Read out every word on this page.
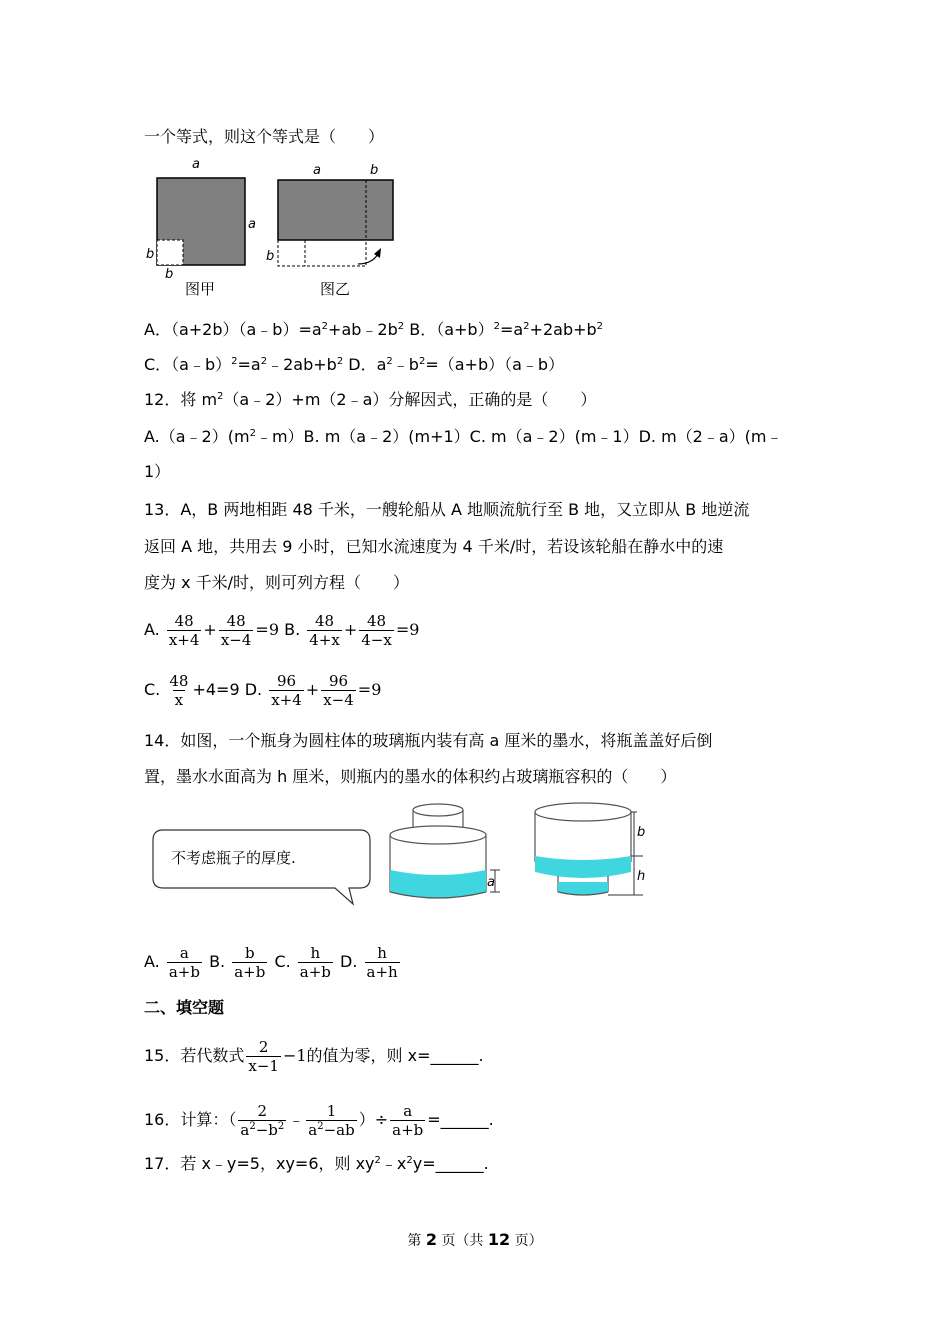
一个等式，则这个等式是（　　）
a
a
b
b
图甲
a	b
b
图乙
A．$(a+2b)(a﹣b)=a^2+ab﹣2b^2$ B．$(a+b)^2=a^2+2ab+b^2$
C．$(a﹣b)^2=a^2﹣2ab+b^2$ D．$a^2﹣b^2=(a+b)(a﹣b)$
12．将 $m^2(a﹣2)+m(2﹣a)$分解因式，正确的是（　　）
$A.(a﹣2)(m^2﹣m)B$. m（a﹣2）(m+1）C. m（a﹣2）(m﹣1）D. m（2﹣a）(m﹣
1）
13．A，B 两地相距 48 千米，一艘轮船从 A 地顺流航行至 B 地，又立即从 B 地逆流
返回 A 地，共用去 9 小时，已知水流速度为 4 千米/时，若设该轮船在静水中的速
度为 x 千米/时，则可列方程（　　）
A. $\frac{48}{x+4} + \frac{48}{x-4} =9$ B. $\frac{48}{4+x} + \frac{48}{4-x} =9$
C. $\frac{48}{x} +4=9$ D. $\frac{96}{x+4} + \frac{96}{x-4} =9$
14．如图，一个瓶身为圆柱体的玻璃瓶内装有高 a 厘米的墨水，将瓶盖盖好后倒
置，墨水水面高为 h 厘米，则瓶内的墨水的体积约占玻璃瓶容积的（　　）
不考虑瓶子的厚度.
a
b
h
A. $\frac{a}{a+b} B$. $\frac{b}{a+b} C$. $\frac{h}{a+b} D$. $\frac{h}{a+h}$
二、填空题
15．若代数式 $\frac{2}{x-1} -1$的值为零，则 x=______.
16．计算：（ $\frac{2}{a^2-b^2}$ ﹣ $\frac{1}{a^2-ab}$ ）÷ $\frac{a}{a+b}$ =______.
17．若 x﹣y=5，xy=6，则 $xy^2﹣x^2y=\_\_\_\_\_\_$.
第 2 页（共 12 页）
